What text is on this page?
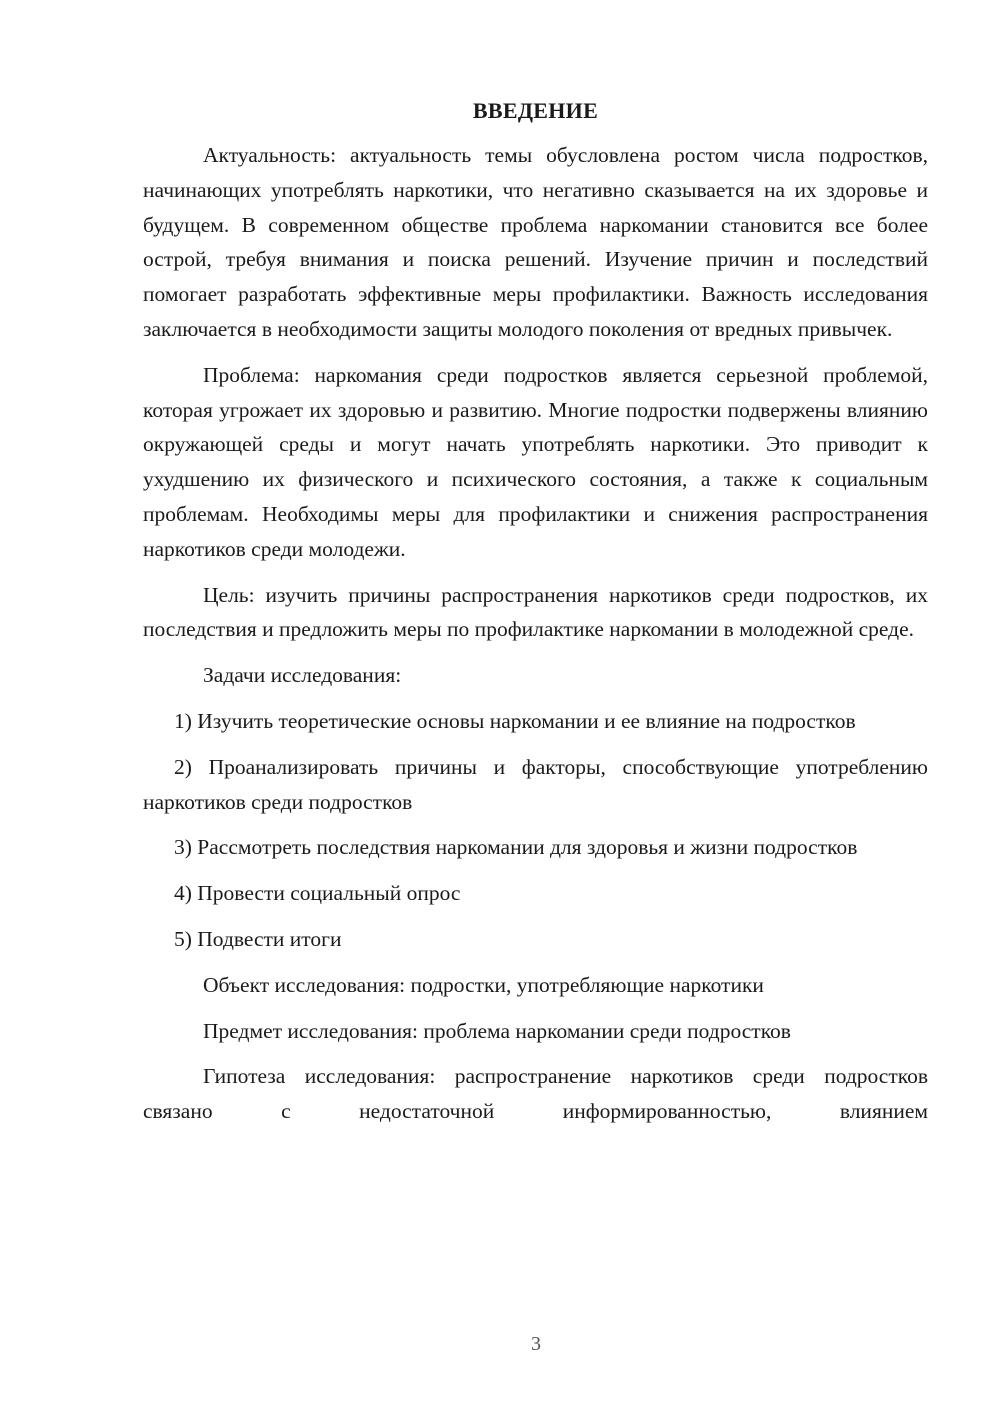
ВВЕДЕНИЕ

Актуальность: актуальность темы обусловлена ростом числа подростков, начинающих употреблять наркотики, что негативно сказывается на их здоровье и будущем. В современном обществе проблема наркомании становится все более острой, требуя внимания и поиска решений. Изучение причин и последствий помогает разработать эффективные меры профилактики. Важность исследования заключается в необходимости защиты молодого поколения от вредных привычек.

Проблема: наркомания среди подростков является серьезной проблемой, которая угрожает их здоровью и развитию. Многие подростки подвержены влиянию окружающей среды и могут начать употреблять наркотики. Это приводит к ухудшению их физического и психического состояния, а также к социальным проблемам. Необходимы меры для профилактики и снижения распространения наркотиков среди молодежи.

Цель: изучить причины распространения наркотиков среди подростков, их последствия и предложить меры по профилактике наркомании в молодежной среде.

Задачи исследования:

1) Изучить теоретические основы наркомании и ее влияние на подростков

2) Проанализировать причины и факторы, способствующие употреблению наркотиков среди подростков

3) Рассмотреть последствия наркомании для здоровья и жизни подростков

4) Провести социальный опрос

5) Подвести итоги

Объект исследования: подростки, употребляющие наркотики

Предмет исследования: проблема наркомании среди подростков

Гипотеза исследования: распространение наркотиков среди подростков связано с недостаточной информированностью, влиянием

3
